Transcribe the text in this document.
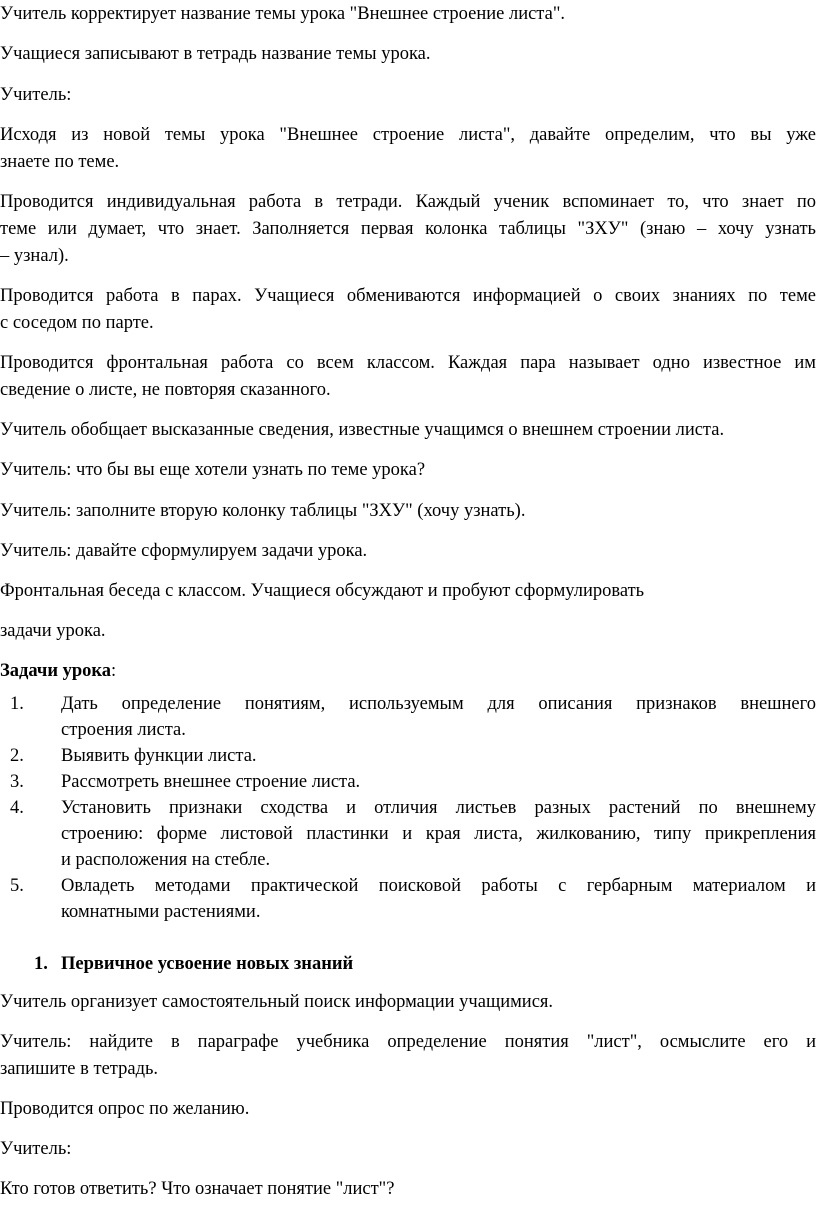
Учитель корректирует название темы урока "Внешнее строение листа".
Учащиеся записывают в тетрадь название темы урока.
Учитель:
Исходя из новой темы урока "Внешнее строение листа", давайте определим, что вы уже
знаете по теме.
Проводится индивидуальная работа в тетради. Каждый ученик вспоминает то, что знает по
теме или думает, что знает. Заполняется первая колонка таблицы "ЗХУ" (знаю – хочу узнать
– узнал).
Проводится работа в парах. Учащиеся обмениваются информацией о своих знаниях по теме
с соседом по парте.
Проводится фронтальная работа со всем классом. Каждая пара называет одно известное им
сведение о листе, не повторяя сказанного.
Учитель обобщает высказанные сведения, известные учащимся о внешнем строении листа.
Учитель: что бы вы еще хотели узнать по теме урока?
Учитель: заполните вторую колонку таблицы "ЗХУ" (хочу узнать).
Учитель: давайте сформулируем задачи урока.
Фронтальная беседа с классом. Учащиеся обсуждают и пробуют сформулировать
задачи урока.
Задачи урока:
1. Дать определение понятиям, используемым для описания признаков внешнего
строения листа.
2. Выявить функции листа.
3. Рассмотреть внешнее строение листа.
4. Установить признаки сходства и отличия листьев разных растений по внешнему
строению: форме листовой пластинки и края листа, жилкованию, типу прикрепления
и расположения на стебле.
5. Овладеть методами практической поисковой работы с гербарным материалом и
комнатными растениями.
1. Первичное усвоение новых знаний
Учитель организует самостоятельный поиск информации учащимися.
Учитель: найдите в параграфе учебника определение понятия "лист", осмыслите его и
запишите в тетрадь.
Проводится опрос по желанию.
Учитель:
Кто готов ответить? Что означает понятие "лист"?
